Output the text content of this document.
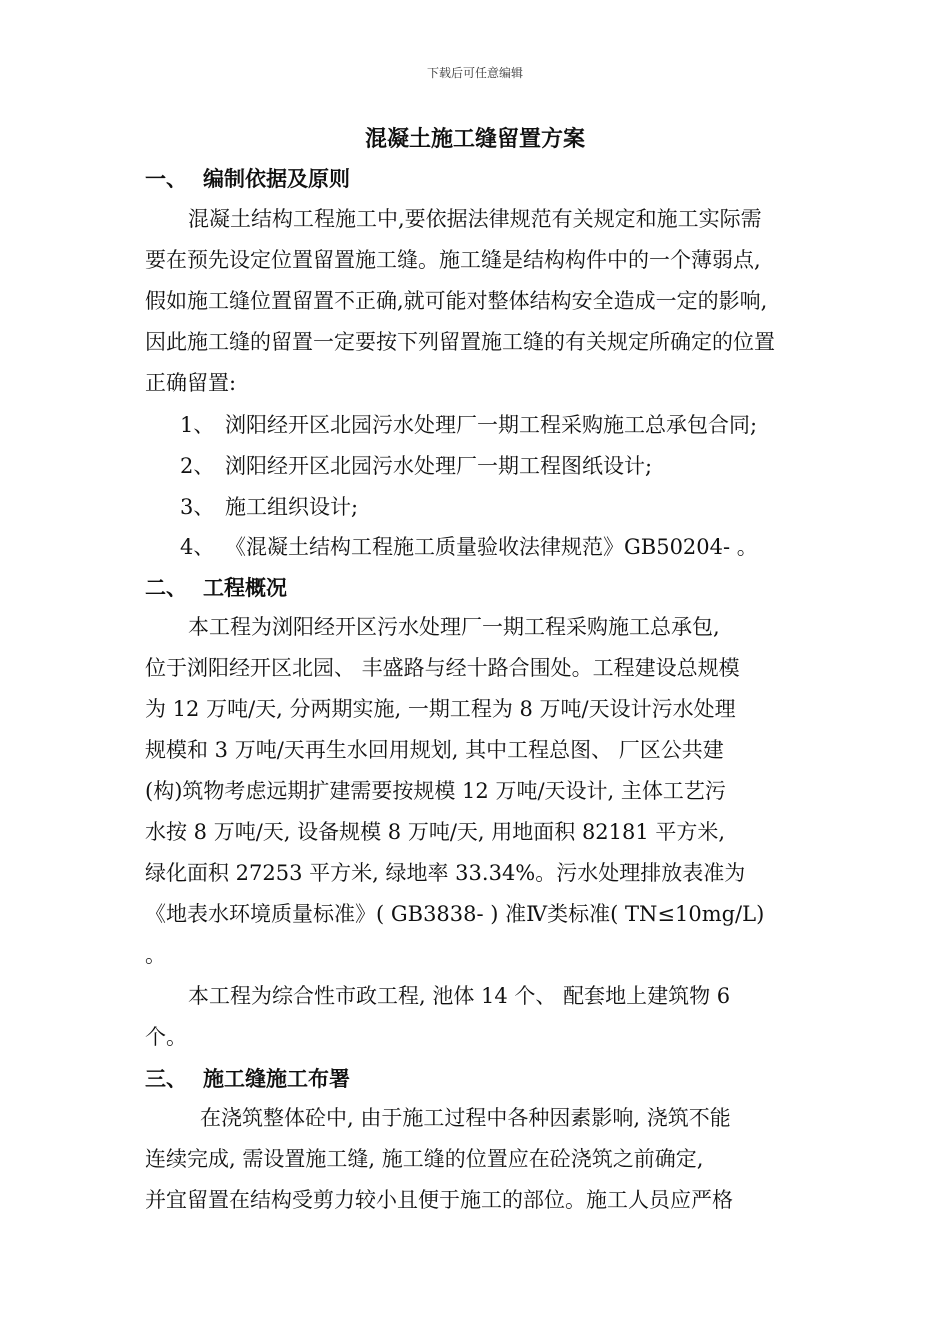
下载后可任意编辑
混凝土施工缝留置方案
一、 编制依据及原则
混凝土结构工程施工中,要依据法律规范有关规定和施工实际需
要在预先设定位置留置施工缝。施工缝是结构构件中的一个薄弱点,
假如施工缝位置留置不正确,就可能对整体结构安全造成一定的影响,
因此施工缝的留置一定要按下列留置施工缝的有关规定所确定的位置
正确留置:
1、 浏阳经开区北园污水处理厂一期工程采购施工总承包合同;
2、 浏阳经开区北园污水处理厂一期工程图纸设计;
3、 施工组织设计;
4、 《混凝土结构工程施工质量验收法律规范》GB50204- 。
二、 工程概况
本工程为浏阳经开区污水处理厂一期工程采购施工总承包,
位于浏阳经开区北园、 丰盛路与经十路合围处。工程建设总规模
为 12 万吨/天, 分两期实施, 一期工程为 8 万吨/天设计污水处理
规模和 3 万吨/天再生水回用规划, 其中工程总图、 厂区公共建
(构)筑物考虑远期扩建需要按规模 12 万吨/天设计, 主体工艺污
水按 8 万吨/天, 设备规模 8 万吨/天, 用地面积 82181 平方米,
绿化面积 27253 平方米, 绿地率 33.34%。污水处理排放表准为
《地表水环境质量标准》( GB3838- ) 准Ⅳ类标准( TN≤10mg/L)
。
本工程为综合性市政工程, 池体 14 个、 配套地上建筑物 6
个。
三、 施工缝施工布署
在浇筑整体砼中, 由于施工过程中各种因素影响, 浇筑不能
连续完成, 需设置施工缝, 施工缝的位置应在砼浇筑之前确定,
并宜留置在结构受剪力较小且便于施工的部位。施工人员应严格
